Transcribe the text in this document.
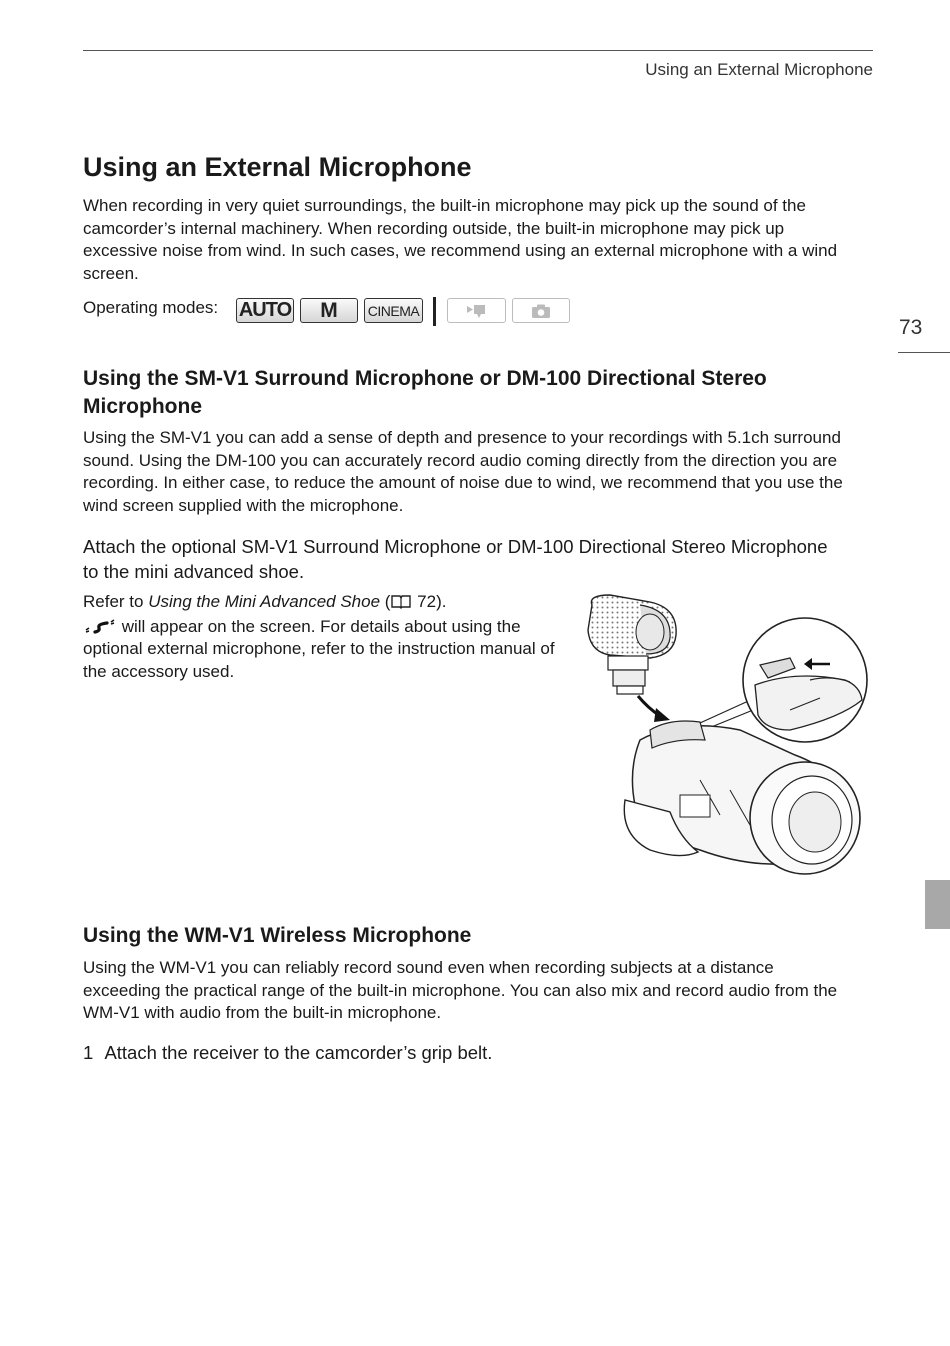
Using an External Microphone
73
Using an External Microphone
When recording in very quiet surroundings, the built-in microphone may pick up the sound of the
camcorder’s internal machinery. When recording outside, the built-in microphone may pick up
excessive noise from wind. In such cases, we recommend using an external microphone with a wind
screen.
Operating modes: AUTO M CINEMA
Using the SM-V1 Surround Microphone or DM-100 Directional Stereo
Microphone
Using the SM-V1 you can add a sense of depth and presence to your recordings with 5.1ch surround
sound. Using the DM-100 you can accurately record audio coming directly from the direction you are
recording. In either case, to reduce the amount of noise due to wind, we recommend that you use the
wind screen supplied with the microphone.
Attach the optional SM-V1 Surround Microphone or DM-100 Directional Stereo Microphone
to the mini advanced shoe.
Refer to Using the Mini Advanced Shoe ( 72).
will appear on the screen. For details about using the
optional external microphone, refer to the instruction manual of
the accessory used.
Using the WM-V1 Wireless Microphone
Using the WM-V1 you can reliably record sound even when recording subjects at a distance
exceeding the practical range of the built-in microphone. You can also mix and record audio from the
WM-V1 with audio from the built-in microphone.
1 Attach the receiver to the camcorder’s grip belt.
